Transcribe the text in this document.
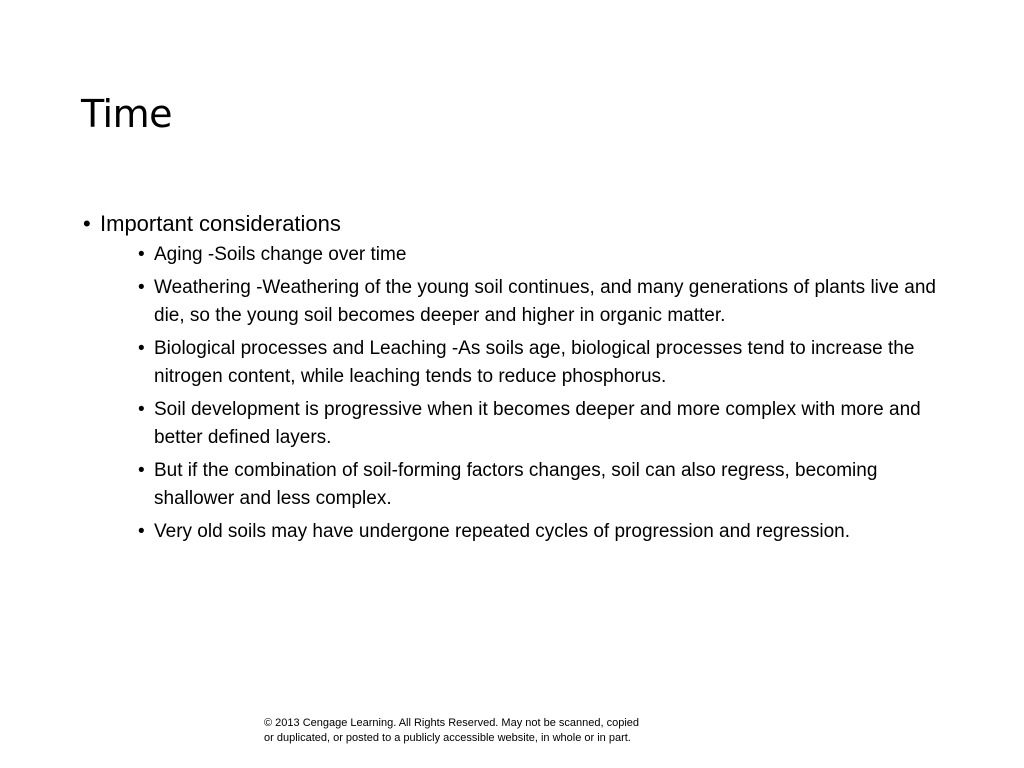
Time
• Important considerations
• Aging -Soils change over time
• Weathering -Weathering of the young soil continues, and many generations of plants live and die, so the young soil becomes deeper and higher in organic matter.
• Biological processes and Leaching -As soils age, biological processes tend to increase the nitrogen content, while leaching tends to reduce phosphorus.
• Soil development is progressive when it becomes deeper and more complex with more and better defined layers.
• But if the combination of soil-forming factors changes, soil can also regress, becoming shallower and less complex.
• Very old soils may have undergone repeated cycles of progression and regression.
© 2013 Cengage Learning. All Rights Reserved. May not be scanned, copied
or duplicated, or posted to a publicly accessible website, in whole or in part.
